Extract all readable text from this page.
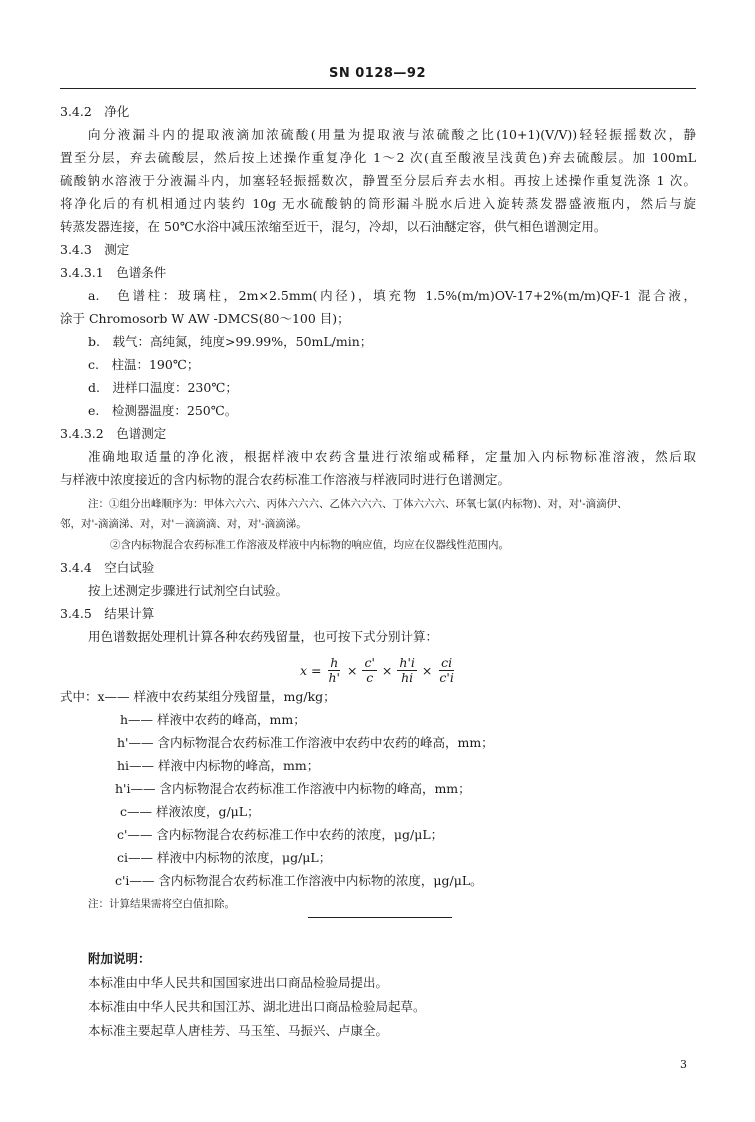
SN 0128—92
3.4.2　净化
向分液漏斗内的提取液滴加浓硫酸(用量为提取液与浓硫酸之比(10+1)(V/V))轻轻振摇数次，静
置至分层，弃去硫酸层，然后按上述操作重复净化 1～2 次(直至酸液呈浅黄色)弃去硫酸层。加 100mL
硫酸钠水溶液于分液漏斗内，加塞轻轻振摇数次，静置至分层后弃去水相。再按上述操作重复洗涤 1 次。
将净化后的有机相通过内装约 10g 无水硫酸钠的筒形漏斗脱水后进入旋转蒸发器盛液瓶内，然后与旋
转蒸发器连接，在 50℃水浴中减压浓缩至近干，混匀，冷却，以石油醚定容，供气相色谱测定用。
3.4.3　测定
3.4.3.1　色谱条件
a.　色谱柱：玻璃柱，2m×2.5mm(内径)，填充物 1.5%(m/m)OV-17+2%(m/m)QF-1 混合液，
涂于 Chromosorb W AW -DMCS(80～100 目)；
b.　载气：高纯氮，纯度>99.99%，50mL/min；
c.　柱温：190℃；
d.　进样口温度：230℃；
e.　检测器温度：250℃。
3.4.3.2　色谱测定
准确地取适量的净化液，根据样液中农药含量进行浓缩或稀释，定量加入内标物标准溶液，然后取
与样液中浓度接近的含内标物的混合农药标准工作溶液与样液同时进行色谱测定。
注：①组分出峰顺序为：甲体六六六、丙体六六六、乙体六六六、丁体六六六、环氧七氯(内标物)、对，对'-滴滴伊、
邻，对'-滴滴涕、对，对'－滴滴滴、对，对'-滴滴涕。
②含内标物混合农药标准工作溶液及样液中内标物的响应值，均应在仪器线性范围内。
3.4.4　空白试验
按上述测定步骤进行试剂空白试验。
3.4.5　结果计算
用色谱数据处理机计算各种农药残留量，也可按下式分别计算：
$x = \frac{h}{h'} \times \frac{c'}{c} \times \frac{h'i}{hi} \times \frac{ci}{c'i}$
式中：x—— 样液中农药某组分残留量，mg/kg；
h—— 样液中农药的峰高，mm；
h'—— 含内标物混合农药标准工作溶液中农药中农药的峰高，mm；
hi—— 样液中内标物的峰高，mm；
h'i—— 含内标物混合农药标准工作溶液中内标物的峰高，mm；
c—— 样液浓度，g/μL；
c'—— 含内标物混合农药标准工作中农药的浓度，μg/μL；
ci—— 样液中内标物的浓度，μg/μL；
c'i—— 含内标物混合农药标准工作溶液中内标物的浓度，μg/μL。
注：计算结果需将空白值扣除。
附加说明：
本标准由中华人民共和国国家进出口商品检验局提出。
本标准由中华人民共和国江苏、湖北进出口商品检验局起草。
本标准主要起草人唐桂芳、马玉笙、马振兴、卢康全。
3
